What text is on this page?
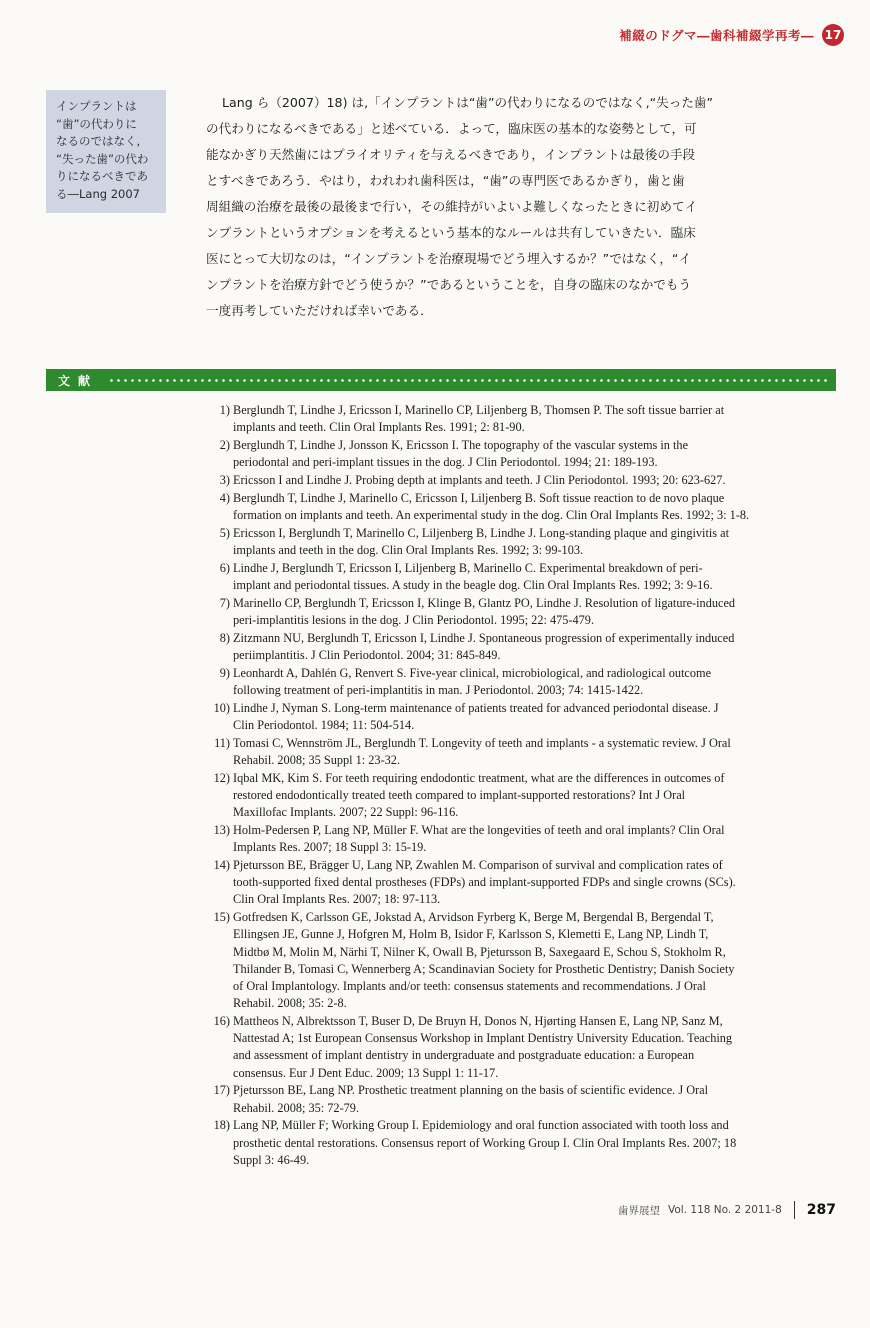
補綴のドグマ―歯科補綴学再考― 17
インプラントは
“歯”の代わりに
なるのではなく,
“失った歯”の代わ
りになるべきであ
る―Lang 2007
Lang ら（2007）18) は,「インプラントは“歯”の代わりになるのではなく,“失った歯”
の代わりになるべきである」と述べている．よって，臨床医の基本的な姿勢として，可
能なかぎり天然歯にはプライオリティを与えるべきであり，インプラントは最後の手段
とすべきであろう．やはり，われわれ歯科医は，“歯”の専門医であるかぎり，歯と歯
周組織の治療を最後の最後まで行い，その維持がいよいよ難しくなったときに初めてイ
ンプラントというオプションを考えるという基本的なルールは共有していきたい．臨床
医にとって大切なのは，“インプラントを治療現場でどう埋入するか？”ではなく，“イ
ンプラントを治療方針でどう使うか？”であるということを，自身の臨床のなかでもう
一度再考していただければ幸いである．
文献
1) Berglundh T, Lindhe J, Ericsson I, Marinello CP, Liljenberg B, Thomsen P. The soft tissue barrier at
implants and teeth. Clin Oral Implants Res. 1991; 2: 81-90.
2) Berglundh T, Lindhe J, Jonsson K, Ericsson I. The topography of the vascular systems in the
periodontal and peri-implant tissues in the dog. J Clin Periodontol. 1994; 21: 189-193.
3) Ericsson I and Lindhe J. Probing depth at implants and teeth. J Clin Periodontol. 1993; 20: 623-627.
4) Berglundh T, Lindhe J, Marinello C, Ericsson I, Liljenberg B. Soft tissue reaction to de novo plaque
formation on implants and teeth. An experimental study in the dog. Clin Oral Implants Res. 1992; 3: 1-8.
5) Ericsson I, Berglundh T, Marinello C, Liljenberg B, Lindhe J. Long-standing plaque and gingivitis at
implants and teeth in the dog. Clin Oral Implants Res. 1992; 3: 99-103.
6) Lindhe J, Berglundh T, Ericsson I, Liljenberg B, Marinello C. Experimental breakdown of peri-
implant and periodontal tissues. A study in the beagle dog. Clin Oral Implants Res. 1992; 3: 9-16.
7) Marinello CP, Berglundh T, Ericsson I, Klinge B, Glantz PO, Lindhe J. Resolution of ligature-induced
peri-implantitis lesions in the dog. J Clin Periodontol. 1995; 22: 475-479.
8) Zitzmann NU, Berglundh T, Ericsson I, Lindhe J. Spontaneous progression of experimentally induced
periimplantitis. J Clin Periodontol. 2004; 31: 845-849.
9) Leonhardt A, Dahlén G, Renvert S. Five-year clinical, microbiological, and radiological outcome
following treatment of peri-implantitis in man. J Periodontol. 2003; 74: 1415-1422.
10) Lindhe J, Nyman S. Long-term maintenance of patients treated for advanced periodontal disease. J
Clin Periodontol. 1984; 11: 504-514.
11) Tomasi C, Wennström JL, Berglundh T. Longevity of teeth and implants - a systematic review. J Oral
Rehabil. 2008; 35 Suppl 1: 23-32.
12) Iqbal MK, Kim S. For teeth requiring endodontic treatment, what are the differences in outcomes of
restored endodontically treated teeth compared to implant-supported restorations? Int J Oral
Maxillofac Implants. 2007; 22 Suppl: 96-116.
13) Holm-Pedersen P, Lang NP, Müller F. What are the longevities of teeth and oral implants? Clin Oral
Implants Res. 2007; 18 Suppl 3: 15-19.
14) Pjetursson BE, Brägger U, Lang NP, Zwahlen M. Comparison of survival and complication rates of
tooth-supported fixed dental prostheses (FDPs) and implant-supported FDPs and single crowns (SCs).
Clin Oral Implants Res. 2007; 18: 97-113.
15) Gotfredsen K, Carlsson GE, Jokstad A, Arvidson Fyrberg K, Berge M, Bergendal B, Bergendal T,
Ellingsen JE, Gunne J, Hofgren M, Holm B, Isidor F, Karlsson S, Klemetti E, Lang NP, Lindh T,
Midtbø M, Molin M, Närhi T, Nilner K, Owall B, Pjetursson B, Saxegaard E, Schou S, Stokholm R,
Thilander B, Tomasi C, Wennerberg A; Scandinavian Society for Prosthetic Dentistry; Danish Society
of Oral Implantology. Implants and/or teeth: consensus statements and recommendations. J Oral
Rehabil. 2008; 35: 2-8.
16) Mattheos N, Albrektsson T, Buser D, De Bruyn H, Donos N, Hjørting Hansen E, Lang NP, Sanz M,
Nattestad A; 1st European Consensus Workshop in Implant Dentistry University Education. Teaching
and assessment of implant dentistry in undergraduate and postgraduate education: a European
consensus. Eur J Dent Educ. 2009; 13 Suppl 1: 11-17.
17) Pjetursson BE, Lang NP. Prosthetic treatment planning on the basis of scientific evidence. J Oral
Rehabil. 2008; 35: 72-79.
18) Lang NP, Müller F; Working Group I. Epidemiology and oral function associated with tooth loss and
prosthetic dental restorations. Consensus report of Working Group I. Clin Oral Implants Res. 2007; 18
Suppl 3: 46-49.
歯界展望 Vol. 118 No. 2 2011-8 287
